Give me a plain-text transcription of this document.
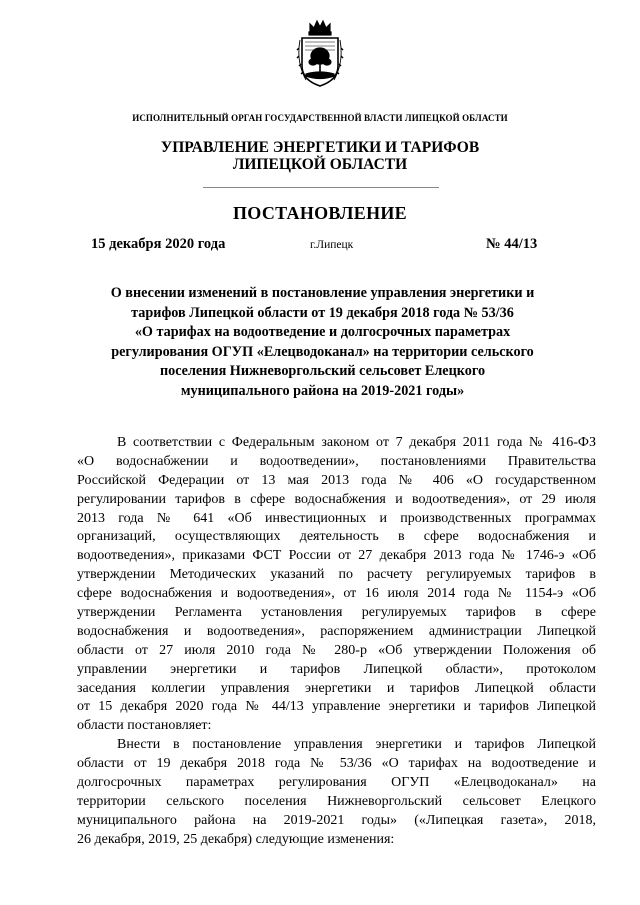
ИСПОЛНИТЕЛЬНЫЙ ОРГАН ГОСУДАРСТВЕННОЙ ВЛАСТИ ЛИПЕЦКОЙ ОБЛАСТИ
УПРАВЛЕНИЕ ЭНЕРГЕТИКИ И ТАРИФОВ
ЛИПЕЦКОЙ ОБЛАСТИ
ПОСТАНОВЛЕНИЕ
15 декабря 2020 года	г.Липецк	№ 44/13
О внесении изменений в постановление управления энергетики и
тарифов Липецкой области от 19 декабря 2018 года № 53/36
«О тарифах на водоотведение и долгосрочных параметрах
регулирования ОГУП «Елецводоканал» на территории сельского
поселения Нижневоргольский сельсовет Елецкого
муниципального района на 2019-2021 годы»
В соответствии с Федеральным законом от 7 декабря 2011 года № 416-ФЗ
«О водоснабжении и водоотведении», постановлениями Правительства
Российской Федерации от 13 мая 2013 года № 406 «О государственном
регулировании тарифов в сфере водоснабжения и водоотведения», от 29 июля
2013 года № 641 «Об инвестиционных и производственных программах
организаций, осуществляющих деятельность в сфере водоснабжения и
водоотведения», приказами ФСТ России от 27 декабря 2013 года № 1746-э «Об
утверждении Методических указаний по расчету регулируемых тарифов в
сфере водоснабжения и водоотведения», от 16 июля 2014 года № 1154-э «Об
утверждении Регламента установления регулируемых тарифов в сфере
водоснабжения и водоотведения», распоряжением администрации Липецкой
области от 27 июля 2010 года № 280-р «Об утверждении Положения об
управлении энергетики и тарифов Липецкой области», протоколом
заседания коллегии управления энергетики и тарифов Липецкой области
от 15 декабря 2020 года № 44/13 управление энергетики и тарифов Липецкой
области постановляет:
Внести в постановление управления энергетики и тарифов Липецкой
области от 19 декабря 2018 года № 53/36 «О тарифах на водоотведение и
долгосрочных параметрах регулирования ОГУП «Елецводоканал» на
территории сельского поселения Нижневоргольский сельсовет Елецкого
муниципального района на 2019-2021 годы» («Липецкая газета», 2018,
26 декабря, 2019, 25 декабря) следующие изменения:
